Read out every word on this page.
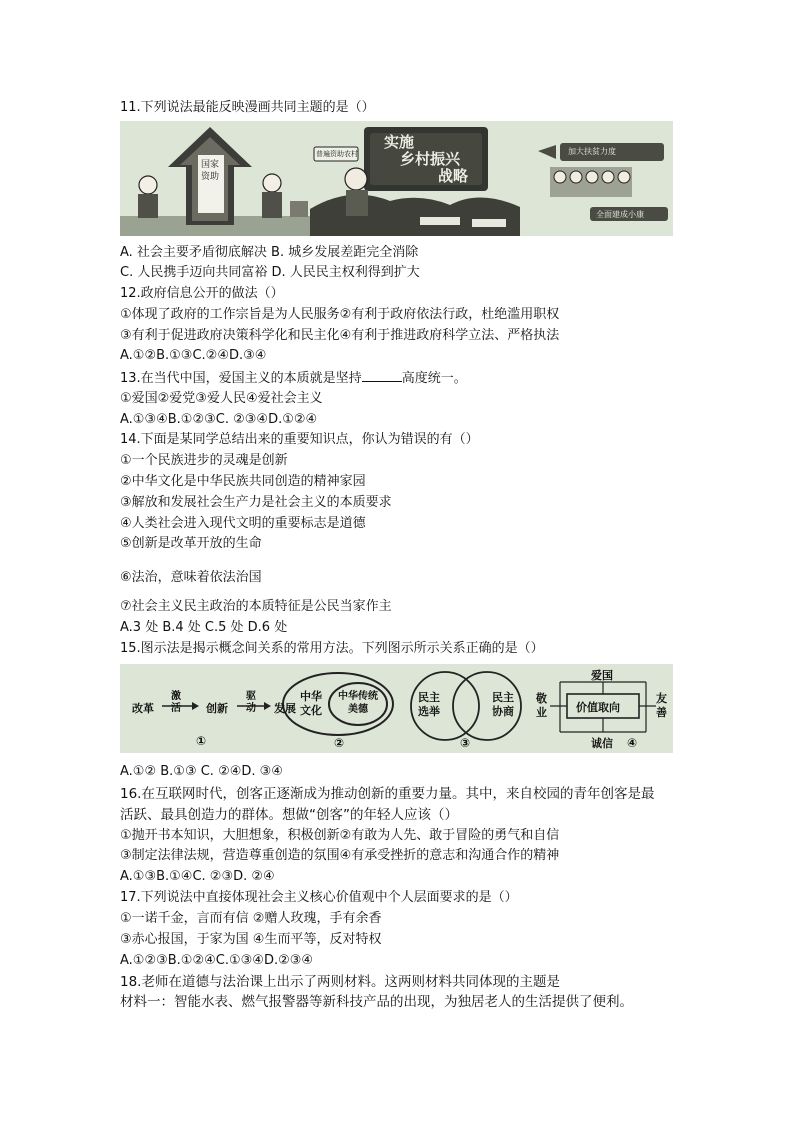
11.下列说法最能反映漫画共同主题的是（）
国家资助
普遍资助农村
实施
乡村振兴
战略
加大扶贫力度
全面建成小康
A. 社会主要矛盾彻底解决 B. 城乡发展差距完全消除
C. 人民携手迈向共同富裕 D. 人民民主权利得到扩大
12.政府信息公开的做法（）
①体现了政府的工作宗旨是为人民服务②有利于政府依法行政，杜绝滥用职权
③有利于促进政府决策科学化和民主化④有利于推进政府科学立法、严格执法
A.①②B.①③C.②④D.③④
13.在当代中国，爱国主义的本质就是坚持	高度统一。
①爱国②爱党③爱人民④爱社会主义
A.①③④B.①②③C. ②③④D.①②④
14.下面是某同学总结出来的重要知识点，你认为错误的有（）
①一个民族进步的灵魂是创新
②中华文化是中华民族共同创造的精神家园
③解放和发展社会生产力是社会主义的本质要求
④人类社会进入现代文明的重要标志是道德
⑤创新是改革开放的生命
⑥法治，意味着依法治国
⑦社会主义民主政治的本质特征是公民当家作主
A.3 处 B.4 处 C.5 处 D.6 处
15.图示法是揭示概念间关系的常用方法。下列图示所示关系正确的是（）
改革
激活 创新
驱动 发展
①
中华文化
中华传统美德
②
民主选举
民主协商
③
敬业	价值取向
爱国
诚信
友善
④
A.①② B.①③ C. ②④D. ③④
16.在互联网时代，创客正逐渐成为推动创新的重要力量。其中，来自校园的青年创客是最
活跃、最具创造力的群体。想做“创客”的年轻人应该（）
①抛开书本知识，大胆想象，积极创新②有敢为人先、敢于冒险的勇气和自信
③制定法律法规，营造尊重创造的氛围④有承受挫折的意志和沟通合作的精神
A.①③B.①④C. ②③D. ②④
17.下列说法中直接体现社会主义核心价值观中个人层面要求的是（）
①一诺千金，言而有信 ②赠人玫瑰，手有余香
③赤心报国，于家为国 ④生而平等，反对特权
A.①②③B.①②④C.①③④D.②③④
18.老师在道德与法治课上出示了两则材料。这两则材料共同体现的主题是
材料一：智能水表、燃气报警器等新科技产品的出现，为独居老人的生活提供了便利。
